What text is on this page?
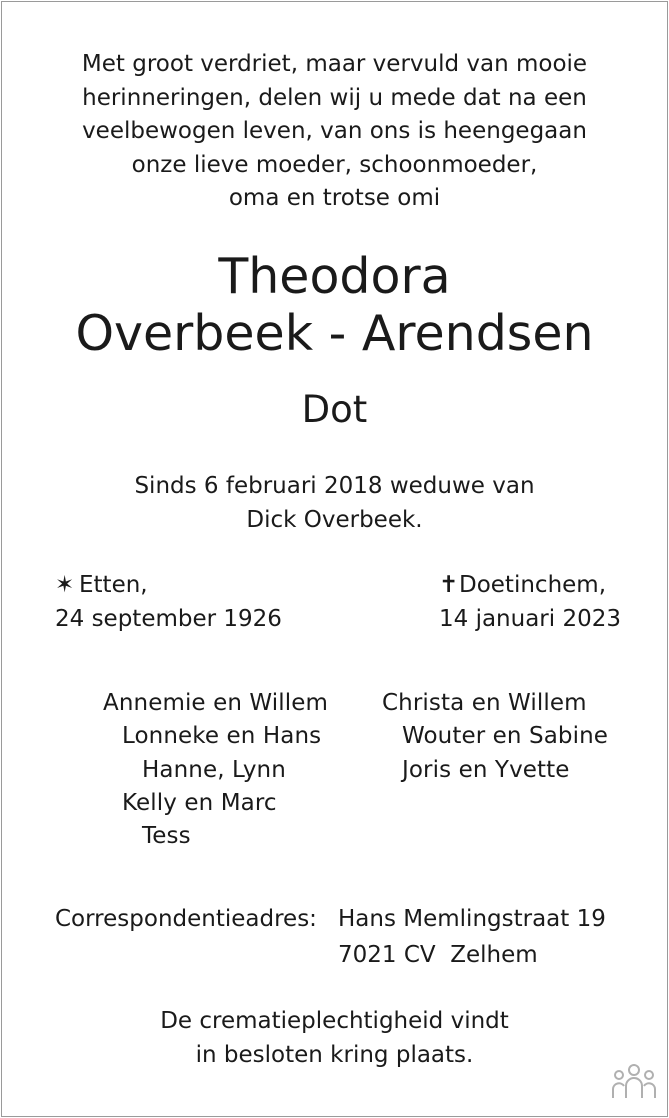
Met groot verdriet, maar vervuld van mooie
herinneringen, delen wij u mede dat na een
veelbewogen leven, van ons is heengegaan
onze lieve moeder, schoonmoeder,
oma en trotse omi
Theodora
Overbeek - Arendsen
Dot
Sinds 6 februari 2018 weduwe van
Dick Overbeek.
✶ Etten,
24 september 1926
✝Doetinchem,
14 januari 2023
Annemie en Willem
Lonneke en Hans
Hanne, Lynn
Kelly en Marc
Tess
Christa en Willem
Wouter en Sabine
Joris en Yvette
Correspondentieadres: Hans Memlingstraat 19
7021 CV  Zelhem
De crematieplechtigheid vindt
in besloten kring plaats.
